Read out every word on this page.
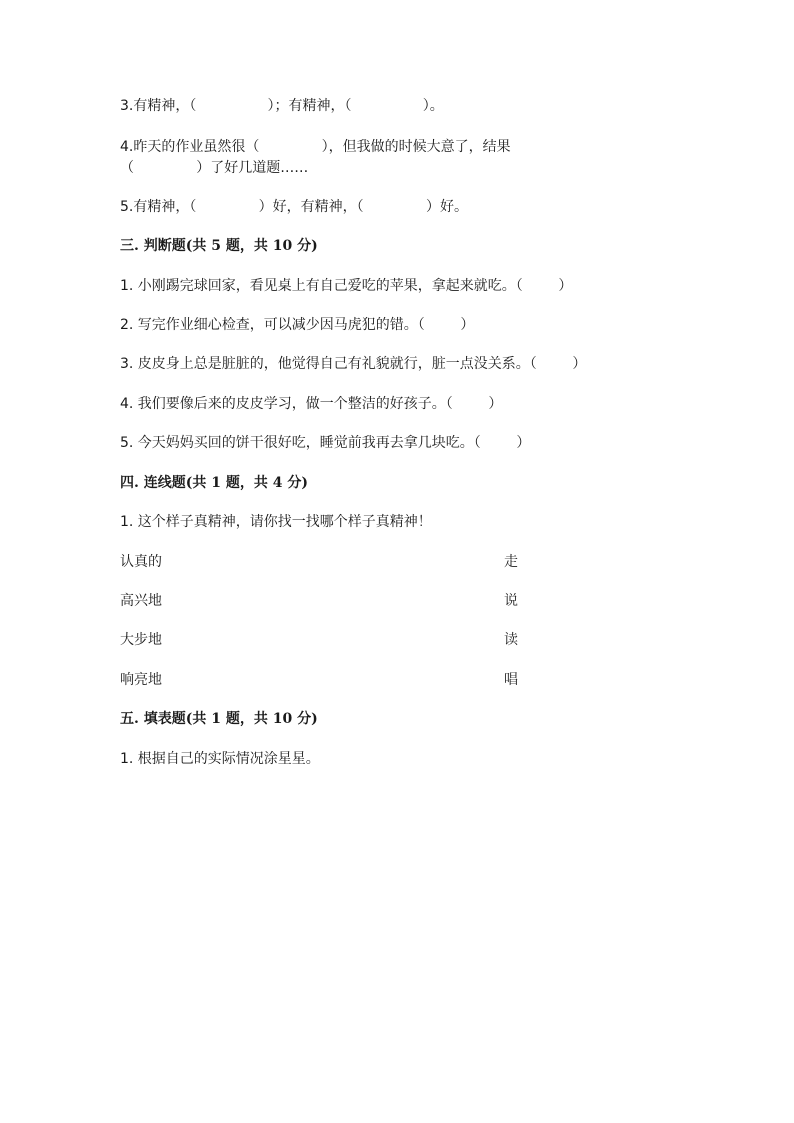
3.有精神，（                ）；有精神，（                ）。
4.昨天的作业虽然很（              ），但我做的时候大意了，结果
（              ）了好几道题……
5.有精神，（              ）好，有精神，（              ）好。
三. 判断题(共 5 题，共 10 分)
1. 小刚踢完球回家，看见桌上有自己爱吃的苹果，拿起来就吃。（        ）
2. 写完作业细心检查，可以减少因马虎犯的错。（        ）
3. 皮皮身上总是脏脏的，他觉得自己有礼貌就行，脏一点没关系。（        ）
4. 我们要像后来的皮皮学习，做一个整洁的好孩子。（        ）
5. 今天妈妈买回的饼干很好吃，睡觉前我再去拿几块吃。（        ）
四. 连线题(共 1 题，共 4 分)
1. 这个样子真精神，请你找一找哪个样子真精神！
认真的	走
高兴地	说
大步地	读
响亮地	唱
五. 填表题(共 1 题，共 10 分)
1. 根据自己的实际情况涂星星。
